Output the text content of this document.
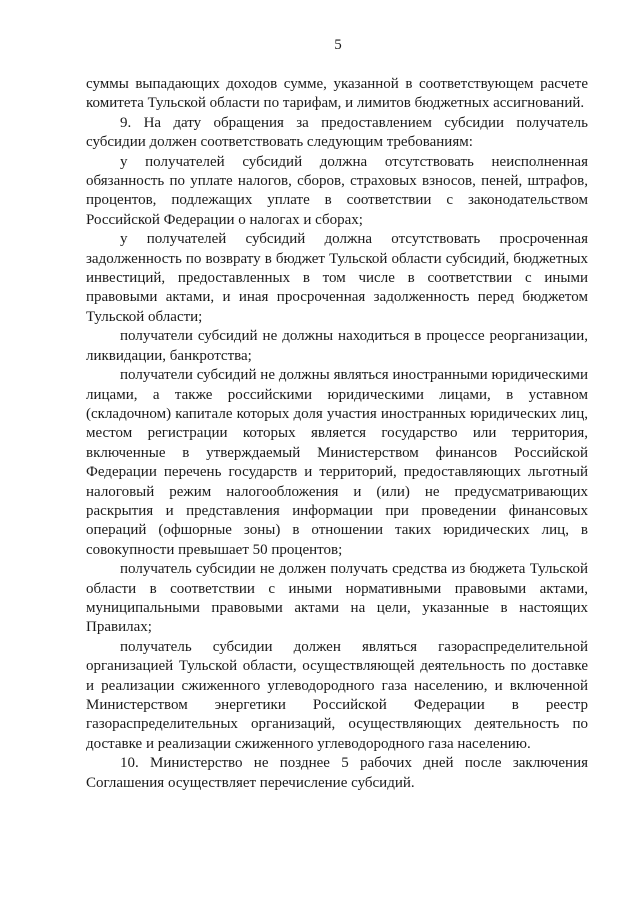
5

суммы выпадающих доходов сумме, указанной в соответствующем расчете комитета Тульской области по тарифам, и лимитов бюджетных ассигнований.

9. На дату обращения за предоставлением субсидии получатель субсидии должен соответствовать следующим требованиям:

у получателей субсидий должна отсутствовать неисполненная обязанность по уплате налогов, сборов, страховых взносов, пеней, штрафов, процентов, подлежащих уплате в соответствии с законодательством Российской Федерации о налогах и сборах;

у получателей субсидий должна отсутствовать просроченная задолженность по возврату в бюджет Тульской области субсидий, бюджетных инвестиций, предоставленных в том числе в соответствии с иными правовыми актами, и иная просроченная задолженность перед бюджетом Тульской области;

получатели субсидий не должны находиться в процессе реорганизации, ликвидации, банкротства;

получатели субсидий не должны являться иностранными юридическими лицами, а также российскими юридическими лицами, в уставном (складочном) капитале которых доля участия иностранных юридических лиц, местом регистрации которых является государство или территория, включенные в утверждаемый Министерством финансов Российской Федерации перечень государств и территорий, предоставляющих льготный налоговый режим налогообложения и (или) не предусматривающих раскрытия и представления информации при проведении финансовых операций (офшорные зоны) в отношении таких юридических лиц, в совокупности превышает 50 процентов;

получатель субсидии не должен получать средства из бюджета Тульской области в соответствии с иными нормативными правовыми актами, муниципальными правовыми актами на цели, указанные в настоящих Правилах;

получатель субсидии должен являться газораспределительной организацией Тульской области, осуществляющей деятельность по доставке и реализации сжиженного углеводородного газа населению, и включенной Министерством энергетики Российской Федерации в реестр газораспределительных организаций, осуществляющих деятельность по доставке и реализации сжиженного углеводородного газа населению.

10. Министерство не позднее 5 рабочих дней после заключения Соглашения осуществляет перечисление субсидий.
